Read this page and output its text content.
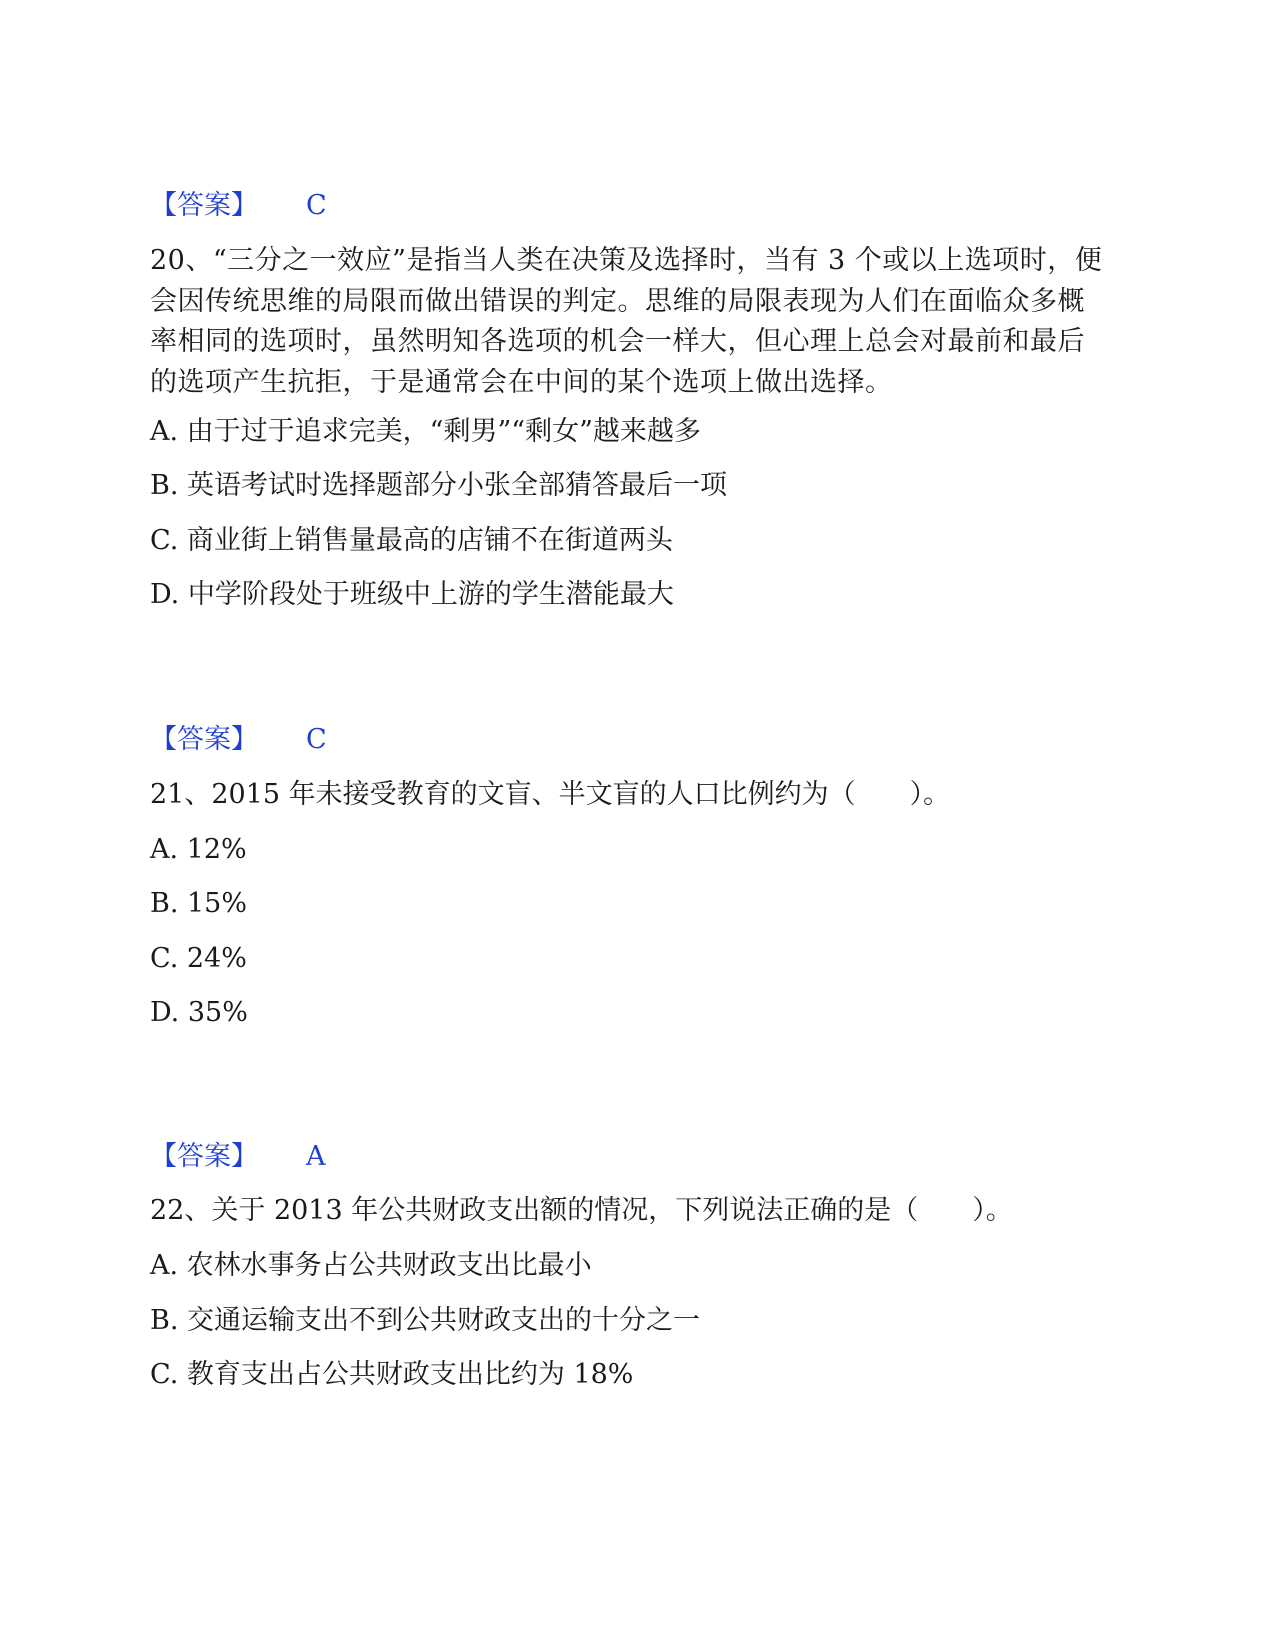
【答案】 C
20、“三分之一效应”是指当人类在决策及选择时，当有 3 个或以上选项时，便会因传统思维的局限而做出错误的判定。思维的局限表现为人们在面临众多概率相同的选项时，虽然明知各选项的机会一样大，但心理上总会对最前和最后的选项产生抗拒，于是通常会在中间的某个选项上做出选择。
A. 由于过于追求完美，“剩男”“剩女”越来越多
B. 英语考试时选择题部分小张全部猜答最后一项
C. 商业街上销售量最高的店铺不在街道两头
D. 中学阶段处于班级中上游的学生潜能最大
【答案】 C
21、2015 年未接受教育的文盲、半文盲的人口比例约为（　　）。
A. 12%
B. 15%
C. 24%
D. 35%
【答案】 A
22、关于 2013 年公共财政支出额的情况，下列说法正确的是（　　）。
A. 农林水事务占公共财政支出比最小
B. 交通运输支出不到公共财政支出的十分之一
C. 教育支出占公共财政支出比约为 18%
